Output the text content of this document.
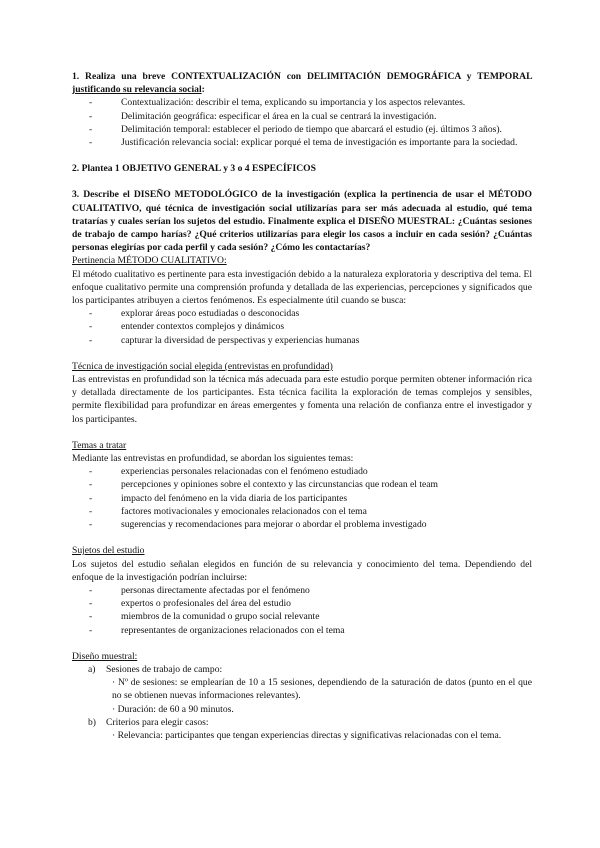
1. Realiza una breve CONTEXTUALIZACIÓN con DELIMITACIÓN DEMOGRÁFICA y TEMPORAL justificando su relevancia social:

- Contextualización: describir el tema, explicando su importancia y los aspectos relevantes.
- Delimitación geográfica: especificar el área en la cual se centrará la investigación.
- Delimitación temporal: establecer el periodo de tiempo que abarcará el estudio (ej. últimos 3 años).
- Justificación relevancia social: explicar porqué el tema de investigación es importante para la sociedad.

2. Plantea 1 OBJETIVO GENERAL y 3 o 4 ESPECÍFICOS

3. Describe el DISEÑO METODOLÓGICO de la investigación (explica la pertinencia de usar el MÉTODO CUALITATIVO, qué técnica de investigación social utilizarías para ser más adecuada al estudio, qué tema tratarías y cuales serían los sujetos del estudio. Finalmente explica el DISEÑO MUESTRAL: ¿Cuántas sesiones de trabajo de campo harías? ¿Qué criterios utilizarías para elegir los casos a incluir en cada sesión? ¿Cuántas personas elegirías por cada perfil y cada sesión? ¿Cómo les contactarías?

Pertinencia MÉTODO CUALITATIVO:

El método cualitativo es pertinente para esta investigación debido a la naturaleza exploratoria y descriptiva del tema. El enfoque cualitativo permite una comprensión profunda y detallada de las experiencias, percepciones y significados que los participantes atribuyen a ciertos fenómenos. Es especialmente útil cuando se busca:

- explorar áreas poco estudiadas o desconocidas
- entender contextos complejos y dinámicos
- capturar la diversidad de perspectivas y experiencias humanas

Técnica de investigación social elegida (entrevistas en profundidad)

Las entrevistas en profundidad son la técnica más adecuada para este estudio porque permiten obtener información rica y detallada directamente de los participantes. Esta técnica facilita la exploración de temas complejos y sensibles, permite flexibilidad para profundizar en áreas emergentes y fomenta una relación de confianza entre el investigador y los participantes.

Temas a tratar

Mediante las entrevistas en profundidad, se abordan los siguientes temas:

- experiencias personales relacionadas con el fenómeno estudiado
- percepciones y opiniones sobre el contexto y las circunstancias que rodean el team
- impacto del fenómeno en la vida diaria de los participantes
- factores motivacionales y emocionales relacionados con el tema
- sugerencias y recomendaciones para mejorar o abordar el problema investigado

Sujetos del estudio

Los sujetos del estudio señalan elegidos en función de su relevancia y conocimiento del tema. Dependiendo del enfoque de la investigación podrían incluirse:

- personas directamente afectadas por el fenómeno
- expertos o profesionales del área del estudio
- miembros de la comunidad o grupo social relevante
- representantes de organizaciones relacionados con el tema

Diseño muestral:

a) Sesiones de trabajo de campo:
· Nº de sesiones: se emplearían de 10 a 15 sesiones, dependiendo de la saturación de datos (punto en el que no se obtienen nuevas informaciones relevantes).
· Duración: de 60 a 90 minutos.
b) Criterios para elegir casos:
· Relevancia: participantes que tengan experiencias directas y significativas relacionadas con el tema.
